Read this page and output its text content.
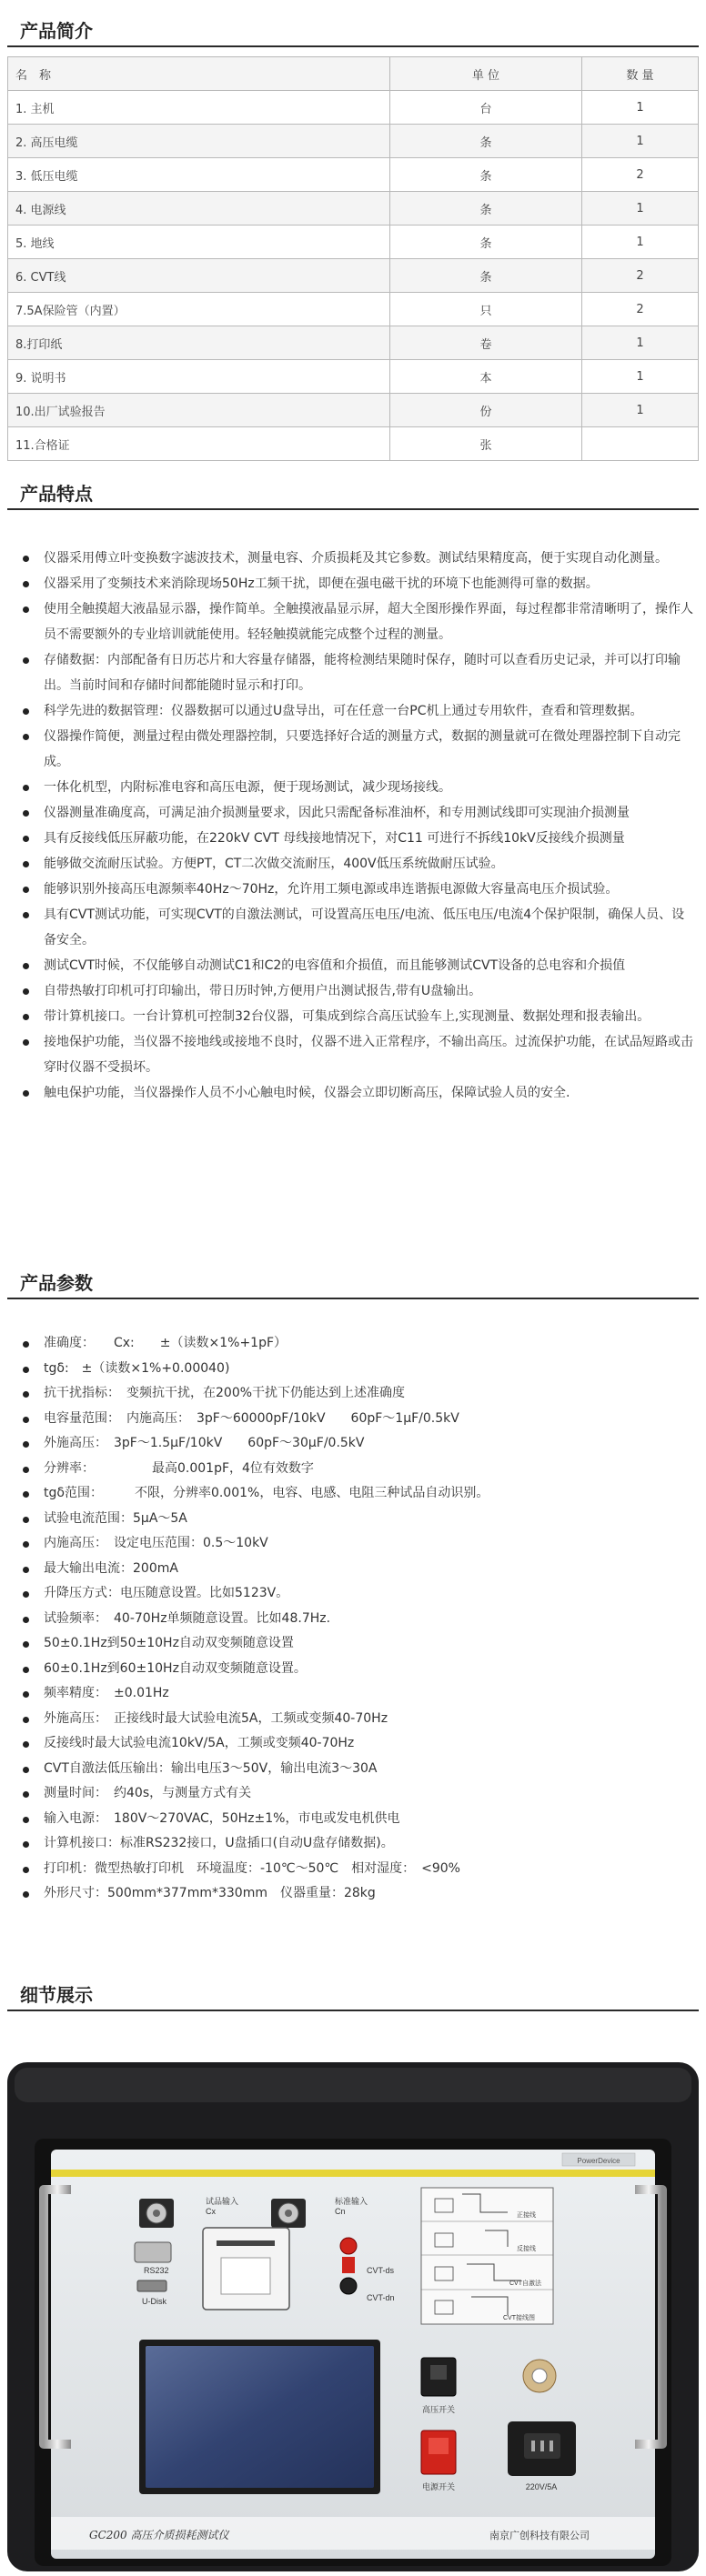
产品简介
名　称	单 位	数 量
1. 主机	台	1
2. 高压电缆	条	1
3. 低压电缆	条	2
4. 电源线	条	1
5. 地线	条	1
6. CVT线	条	2
7.5A保险管（内置）	只	2
8.打印纸	卷	1
9. 说明书	本	1
10.出厂试验报告	份	1
11.合格证	张	
产品特点
仪器采用傅立叶变换数字滤波技术，测量电容、介质损耗及其它参数。测试结果精度高，便于实现自动化测量。
仪器采用了变频技术来消除现场50Hz工频干扰，即便在强电磁干扰的环境下也能测得可靠的数据。
使用全触摸超大液晶显示器，操作简单。全触摸液晶显示屏，超大全图形操作界面，每过程都非常清晰明了，操作人员不需要额外的专业培训就能使用。轻轻触摸就能完成整个过程的测量。
存储数据：内部配备有日历芯片和大容量存储器，能将检测结果随时保存，随时可以查看历史记录，并可以打印输出。当前时间和存储时间都能随时显示和打印。
科学先进的数据管理：仪器数据可以通过U盘导出，可在任意一台PC机上通过专用软件，查看和管理数据。
仪器操作简便，测量过程由微处理器控制，只要选择好合适的测量方式，数据的测量就可在微处理器控制下自动完成。
一体化机型，内附标准电容和高压电源，便于现场测试，减少现场接线。
仪器测量准确度高，可满足油介损测量要求，因此只需配备标准油杯，和专用测试线即可实现油介损测量
具有反接线低压屏蔽功能，在220kV CVT 母线接地情况下，对C11 可进行不拆线10kV反接线介损测量
能够做交流耐压试验。方便PT，CT二次做交流耐压，400V低压系统做耐压试验。
能够识别外接高压电源频率40Hz～70Hz，允许用工频电源或串连谐振电源做大容量高电压介损试验。
具有CVT测试功能，可实现CVT的自激法测试，可设置高压电压/电流、低压电压/电流4个保护限制，确保人员、设备安全。
测试CVT时候，不仅能够自动测试C1和C2的电容值和介损值，而且能够测试CVT设备的总电容和介损值
自带热敏打印机可打印输出，带日历时钟,方便用户出测试报告,带有U盘输出。
带计算机接口。一台计算机可控制32台仪器，可集成到综合高压试验车上,实现测量、数据处理和报表输出。
接地保护功能，当仪器不接地线或接地不良时，仪器不进入正常程序，不输出高压。过流保护功能，在试品短路或击穿时仪器不受损坏。
触电保护功能，当仪器操作人员不小心触电时候，仪器会立即切断高压，保障试验人员的安全.
产品参数
准确度：　　Cx:　　±（读数×1%+1pF）
tgδ:　±（读数×1%+0.00040)
抗干扰指标：　变频抗干扰，在200%干扰下仍能达到上述准确度
电容量范围：　内施高压：　3pF～60000pF/10kV　　60pF～1μF/0.5kV
外施高压：　3pF～1.5μF/10kV　　60pF～30μF/0.5kV
分辨率：　　　　　最高0.001pF，4位有效数字
tgδ范围：　　　不限，分辨率0.001%，电容、电感、电阻三种试品自动识别。
试验电流范围：5μA～5A
内施高压：　设定电压范围：0.5～10kV
最大输出电流：200mA
升降压方式：电压随意设置。比如5123V。
试验频率：　40-70Hz单频随意设置。比如48.7Hz.
50±0.1Hz到50±10Hz自动双变频随意设置
60±0.1Hz到60±10Hz自动双变频随意设置。
频率精度：　±0.01Hz
外施高压：　正接线时最大试验电流5A，工频或变频40-70Hz
反接线时最大试验电流10kV/5A，工频或变频40-70Hz
CVT自激法低压输出：输出电压3～50V，输出电流3～30A
测量时间：　约40s，与测量方式有关
输入电源：　180V～270VAC，50Hz±1%，市电或发电机供电
计算机接口：标准RS232接口，U盘插口(自动U盘存储数据)。
打印机：微型热敏打印机　环境温度：-10℃～50℃　相对湿度：　<90%
外形尺寸：500mm*377mm*330mm　仪器重量：28kg
细节展示
PowerDevice
试品输入 Cx
标准输入 Cn
RS232
U-Disk
CVT-ds
CVT-dn
正接线
反接线
CVT自激法
CVT接线图
高压开关
电源开关	220V/5A
GC200 高压介质损耗测试仪	南京广创科技有限公司
